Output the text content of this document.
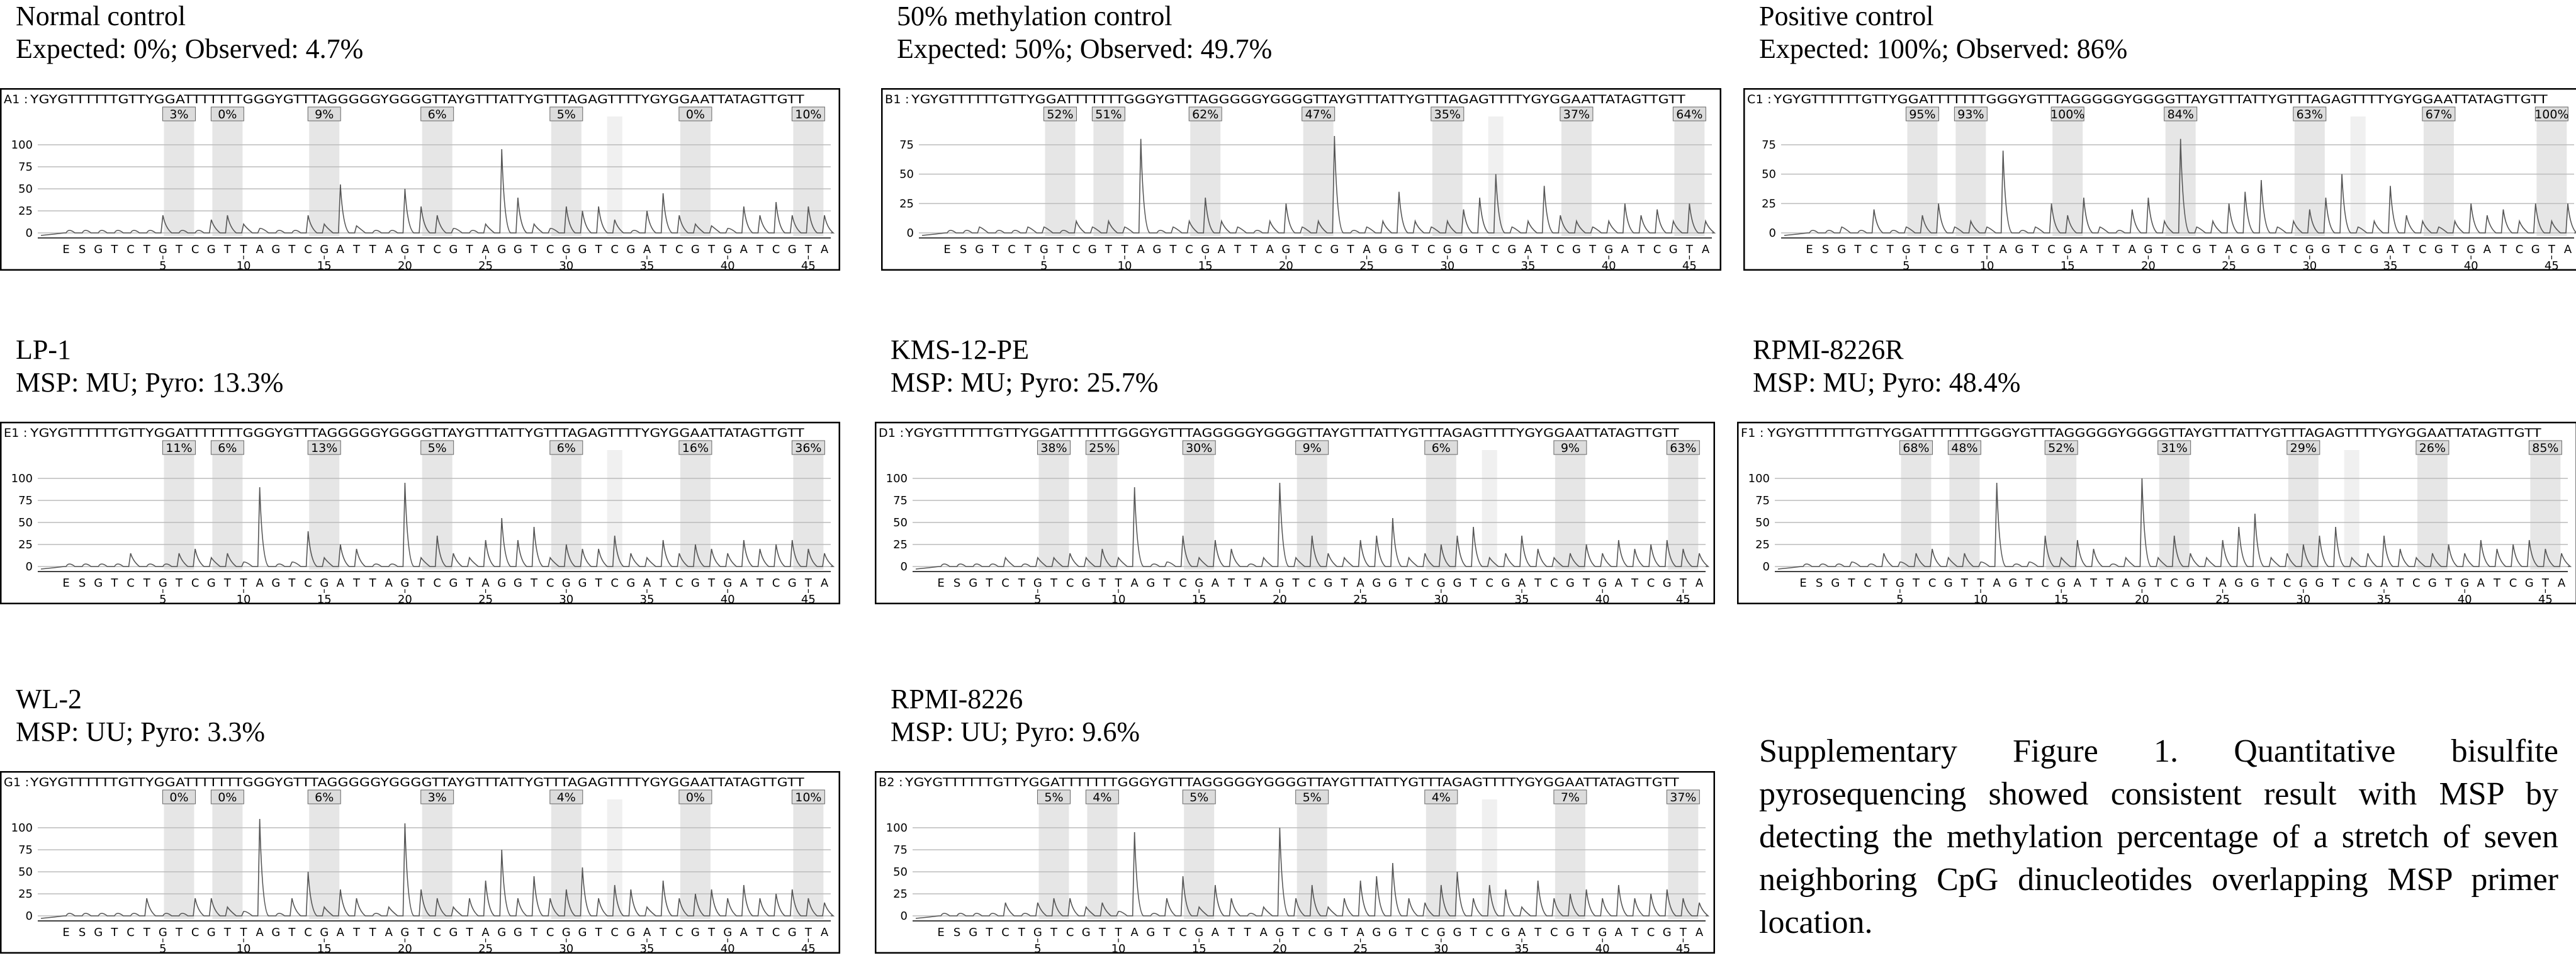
Normal control
Expected: 0%; Observed: 4.7%
100
75
50
25
0
A1 : YGYGTTTTTTGTTYGGATTTTTTTGGGYGTTTAGGGGGYGGGGTTAYGTTTATTYGTTTAGAGTTTTYGYGGAATTATAGTTGTT
3% 0%	9%	6%	5%	0%	10%
E S G T C T G T C G T T A G T C G A T T A G T C G T A G G T C G G T C G A T C G T G A T C G T A
5	10	15	20	25	30	35	40	45
50% methylation control
Expected: 50%; Observed: 49.7%
75
50
25
0
B1 : YGYGTTTTTTGTTYGGATTTTTTTGGGYGTTTAGGGGGYGGGGTTAYGTTTATTYGTTTAGAGTTTTYGYGGAATTATAGTTGTT
52% 51%	62%	47%	35%	37%	64%
E S G T C T G T C G T T A G T C G A T T A G T C G T A G G T C G G T C G A T C G T G A T C G T A
5	10	15	20	25	30	35	40	45
Positive control
Expected: 100%; Observed: 86%
75
50
25
0
C1 : YGYGTTTTTTGTTYGGATTTTTTTGGGYGTTTAGGGGGYGGGGTTAYGTTTATTYGTTTAGAGTTTTYGYGGAATTATAGTTGTT
95% 93%	100%	84%	63%	67%	100%
E S G T C T G T C G T T A G T C G A T T A G T C G T A G G T C G G T C G A T C G T G A T C G T A
5	10	15	20	25	30	35	40	45
LP-1
MSP: MU; Pyro: 13.3%
100
75
50
25
0
E1 : YGYGTTTTTTGTTYGGATTTTTTTGGGYGTTTAGGGGGYGGGGTTAYGTTTATTYGTTTAGAGTTTTYGYGGAATTATAGTTGTT
11% 6%	13%	5%	6%	16%	36%
E S G T C T G T C G T T A G T C G A T T A G T C G T A G G T C G G T C G A T C G T G A T C G T A
5	10	15	20	25	30	35	40	45
KMS-12-PE
MSP: MU; Pyro: 25.7%
100
75
50
25
0
D1 : YGYGTTTTTTGTTYGGATTTTTTTGGGYGTTTAGGGGGYGGGGTTAYGTTTATTYGTTTAGAGTTTTYGYGGAATTATAGTTGTT
38% 25%	30%	9%	6%	9%	63%
E S G T C T G T C G T T A G T C G A T T A G T C G T A G G T C G G T C G A T C G T G A T C G T A
5	10	15	20	25	30	35	40	45
RPMI-8226R
MSP: MU; Pyro: 48.4%
100
75
50
25
0
F1 : YGYGTTTTTTGTTYGGATTTTTTTGGGYGTTTAGGGGGYGGGGTTAYGTTTATTYGTTTAGAGTTTTYGYGGAATTATAGTTGTT
68% 48%	52%	31%	29%	26%	85%
E S G T C T G T C G T T A G T C G A T T A G T C G T A G G T C G G T C G A T C G T G A T C G T A
5	10	15	20	25	30	35	40	45
WL-2
MSP: UU; Pyro: 3.3%
100
75
50
25
0
G1 : YGYGTTTTTTGTTYGGATTTTTTTGGGYGTTTAGGGGGYGGGGTTAYGTTTATTYGTTTAGAGTTTTYGYGGAATTATAGTTGTT
0% 0%	6%	3%	4%	0%	10%
E S G T C T G T C G T T A G T C G A T T A G T C G T A G G T C G G T C G A T C G T G A T C G T A
5	10	15	20	25	30	35	40	45
RPMI-8226
MSP: UU; Pyro: 9.6%
100
75
50
25
0
B2 : YGYGTTTTTTGTTYGGATTTTTTTGGGYGTTTAGGGGGYGGGGTTAYGTTTATTYGTTTAGAGTTTTYGYGGAATTATAGTTGTT
5% 4%	5%	5%	4%	7%	37%
E S G T C T G T C G T T A G T C G A T T A G T C G T A G G T C G G T C G A T C G T G A T C G T A
5	10	15	20	25	30	35	40	45
Supplementary Figure 1. Quantitative bisulfite pyrosequencing showed consistent result with MSP by detecting the methylation percentage of a stretch of seven neighboring CpG dinucleotides overlapping MSP primer location.
